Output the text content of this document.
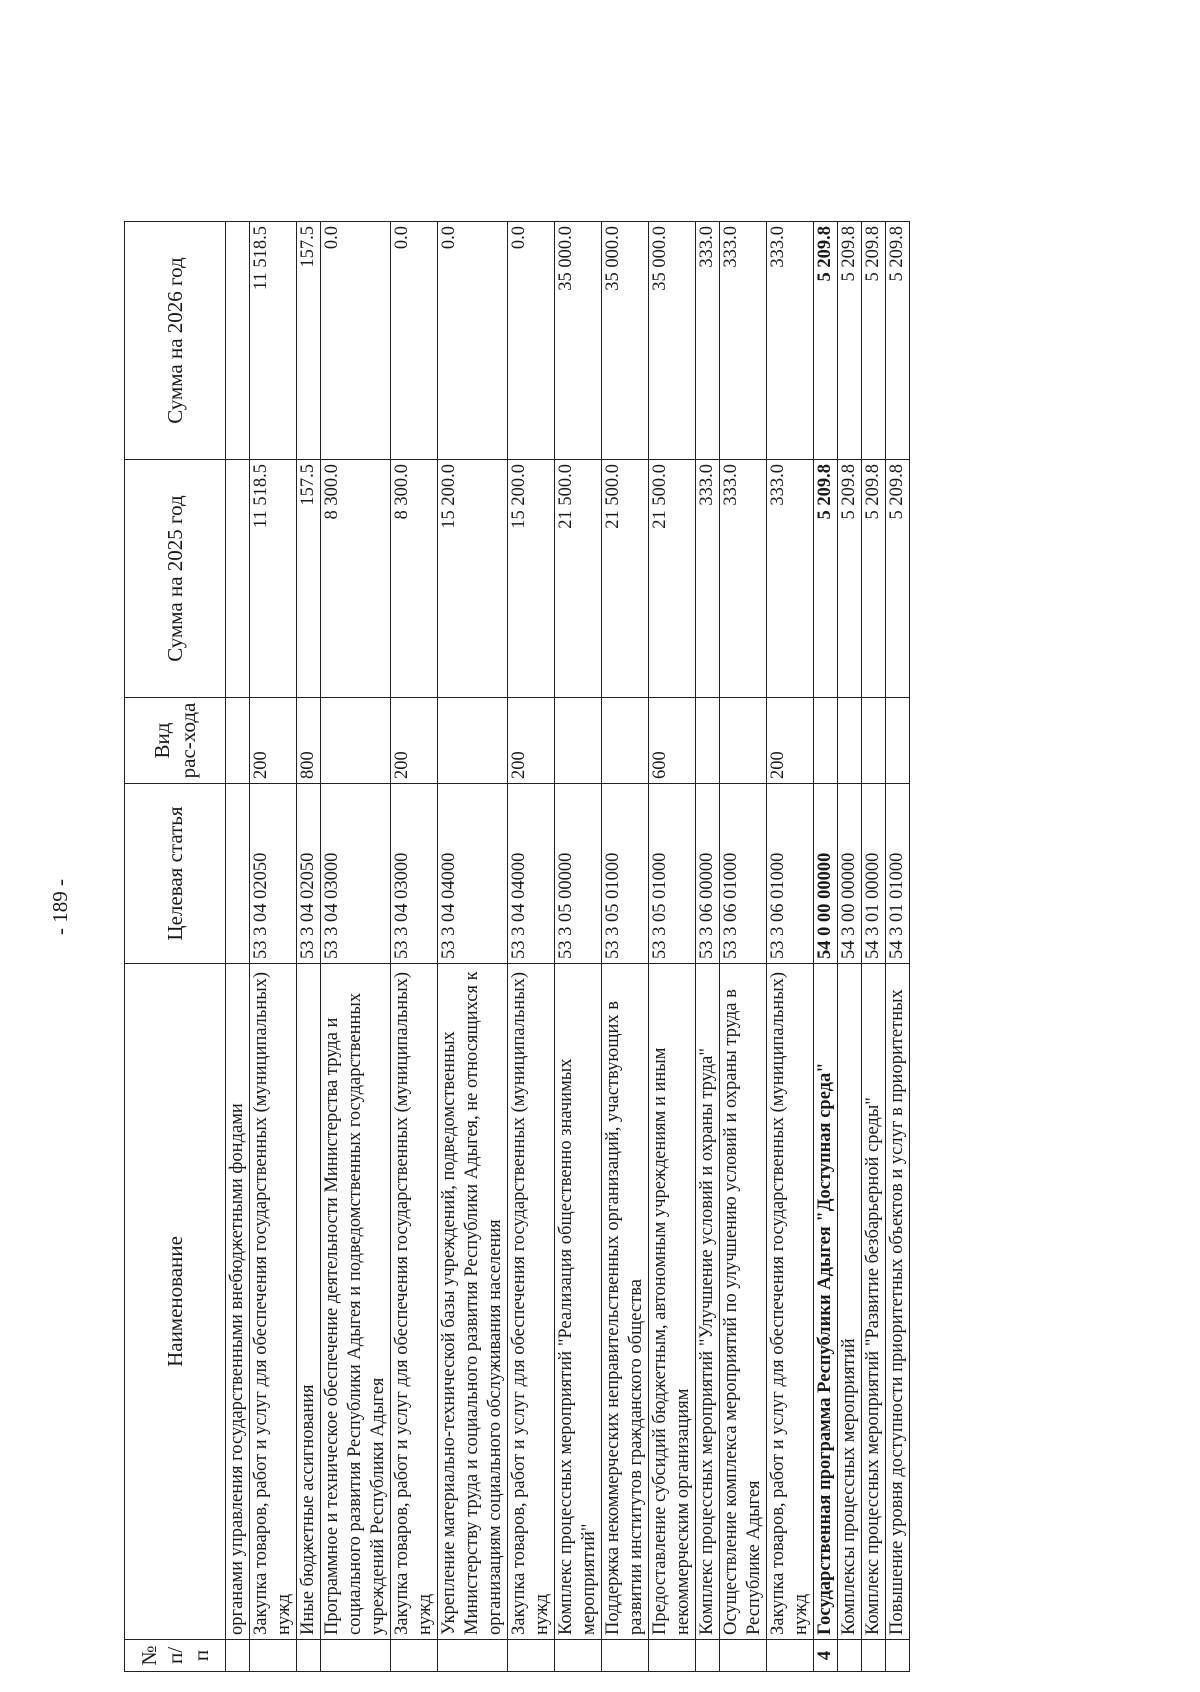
- 189 -
№ п/п	Наименование	Целевая статья	Вид рас-хода	Сумма на 2025 год	Сумма на 2026 год
	органами управления государственными внебюджетными фондами				
	Закупка товаров, работ и услуг для обеспечения государственных (муниципальных) нужд	53 3 04 02050	200	11 518.5	11 518.5
	Иные бюджетные ассигнования	53 3 04 02050	800	157.5	157.5
	Программное и техническое обеспечение деятельности Министерства труда и социального развития Республики Адыгея и подведомственных государственных учреждений Республики Адыгея	53 3 04 03000		8 300.0	0.0
	Закупка товаров, работ и услуг для обеспечения государственных (муниципальных) нужд	53 3 04 03000	200	8 300.0	0.0
	Укрепление материально-технической базы учреждений, подведомственных Министерству труда и социального развития Республики Адыгея, не относящихся к организациям социального обслуживания населения	53 3 04 04000		15 200.0	0.0
	Закупка товаров, работ и услуг для обеспечения государственных (муниципальных) нужд	53 3 04 04000	200	15 200.0	0.0
	Комплекс процессных мероприятий "Реализация общественно значимых мероприятий"	53 3 05 00000		21 500.0	35 000.0
	Поддержка некоммерческих неправительственных организаций, участвующих в развитии институтов гражданского общества	53 3 05 01000		21 500.0	35 000.0
	Предоставление субсидий бюджетным, автономным учреждениям и иным некоммерческим организациям	53 3 05 01000	600	21 500.0	35 000.0
	Комплекс процессных мероприятий "Улучшение условий и охраны труда"	53 3 06 00000		333.0	333.0
	Осуществление комплекса мероприятий по улучшению условий и охраны труда в Республике Адыгея	53 3 06 01000		333.0	333.0
	Закупка товаров, работ и услуг для обеспечения государственных (муниципальных) нужд	53 3 06 01000	200	333.0	333.0
4	Государственная программа Республики Адыгея "Доступная среда"	54 0 00 00000		5 209.8	5 209.8
	Комплексы процессных мероприятий	54 3 00 00000		5 209.8	5 209.8
	Комплекс процессных мероприятий "Развитие безбарьерной среды"	54 3 01 00000		5 209.8	5 209.8
	Повышение уровня доступности приоритетных объектов и услуг в приоритетных	54 3 01 01000		5 209.8	5 209.8
